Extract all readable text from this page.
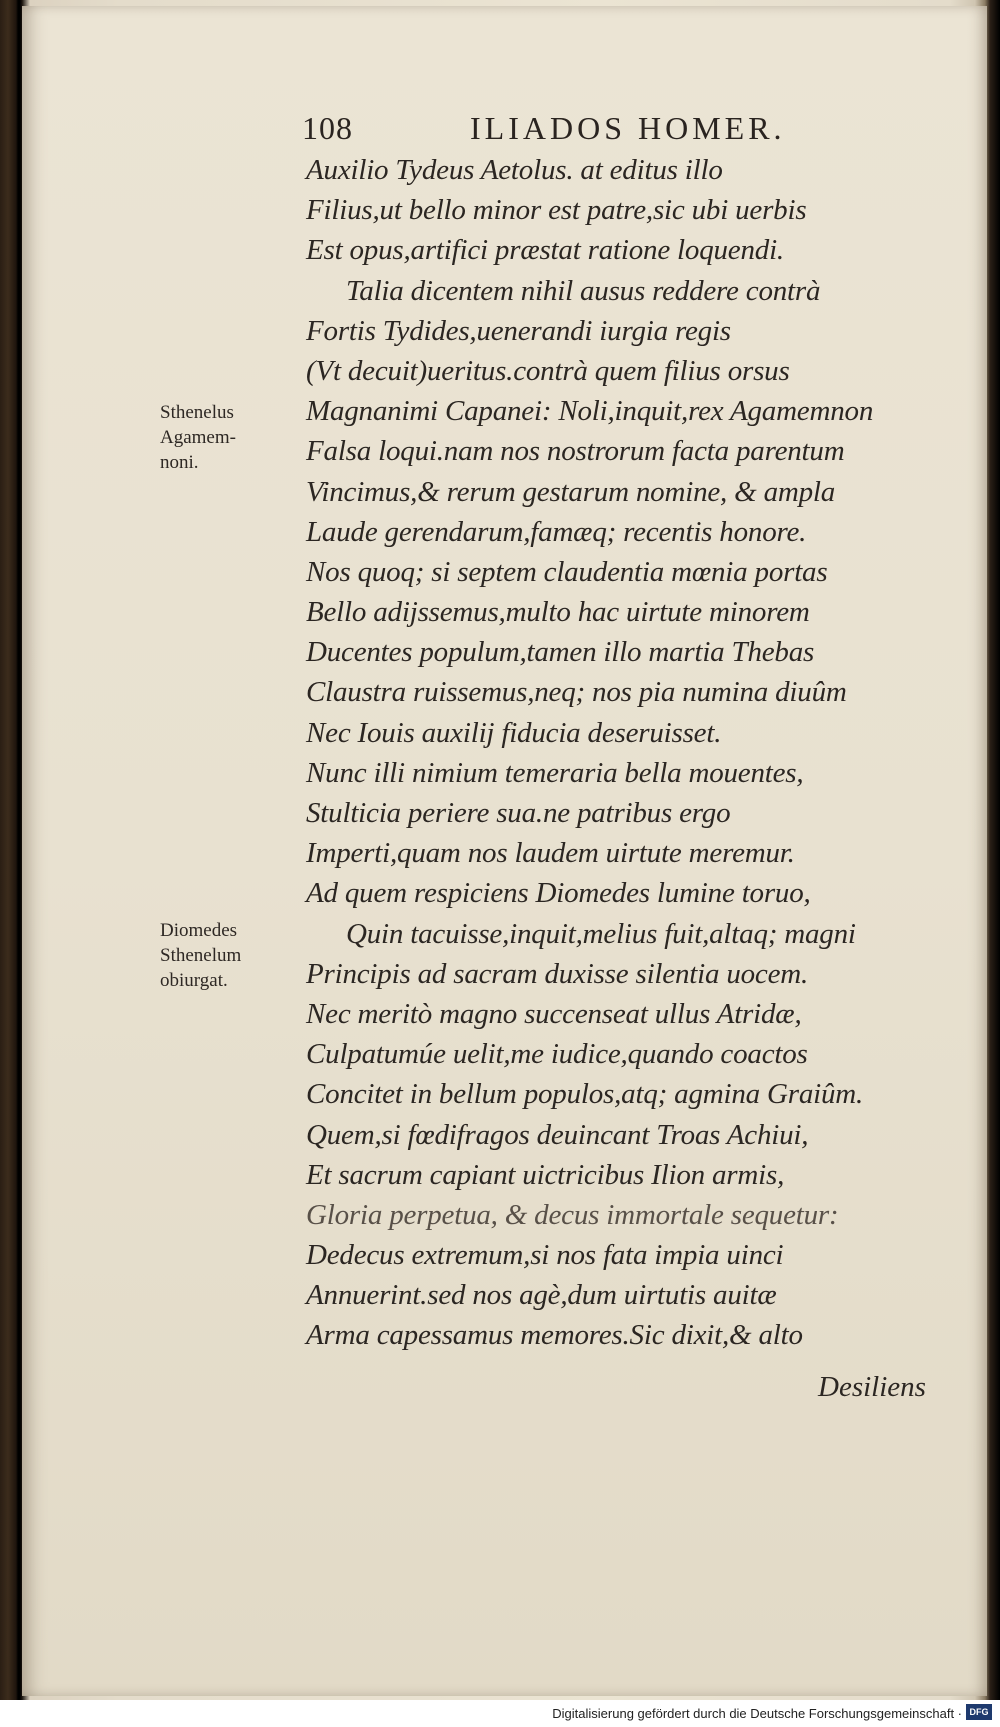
108	ILIADOS HOMER.
Auxilio Tydeus Aetolus. at editus illo
Filius,ut bello minor est patre,sic ubi uerbis
Est opus,artifici præstat ratione loquendi.
Talia dicentem nihil ausus reddere contrà
Fortis Tydides,uenerandi iurgia regis
(Vt decuit)ueritus.contrà quem filius orsus
Magnanimi Capanei: Noli,inquit,rex Agamemnon
Falsa loqui.nam nos nostrorum facta parentum
Vincimus,& rerum gestarum nomine, & ampla
Laude gerendarum,famæq; recentis honore.
Nos quoq; si septem claudentia mœnia portas
Bello adijssemus,multo hac uirtute minorem
Ducentes populum,tamen illo martia Thebas
Claustra ruissemus,neq; nos pia numina diuûm
Nec Iouis auxilij fiducia deseruisset.
Nunc illi nimium temeraria bella mouentes,
Stulticia periere sua.ne patribus ergo
Imperti,quam nos laudem uirtute meremur.
Ad quem respiciens Diomedes lumine toruo,
Quin tacuisse,inquit,melius fuit,altaq; magni
Principis ad sacram duxisse silentia uocem.
Nec meritò magno succenseat ullus Atridæ,
Culpatumúe uelit,me iudice,quando coactos
Concitet in bellum populos,atq; agmina Graiûm.
Quem,si fœdifragos deuincant Troas Achiui,
Et sacrum capiant uictricibus Ilion armis,
Gloria perpetua, & decus immortale sequetur:
Dedecus extremum,si nos fata impia uinci
Annuerint.sed nos agè,dum uirtutis auitæ
Arma capessamus memores.Sic dixit,& alto
Sthenelus
Agamem-
noni.
Diomedes
Sthenelum
obiurgat.
Desiliens
Digitalisierung gefördert durch die Deutsche Forschungsgemeinschaft · DFG
